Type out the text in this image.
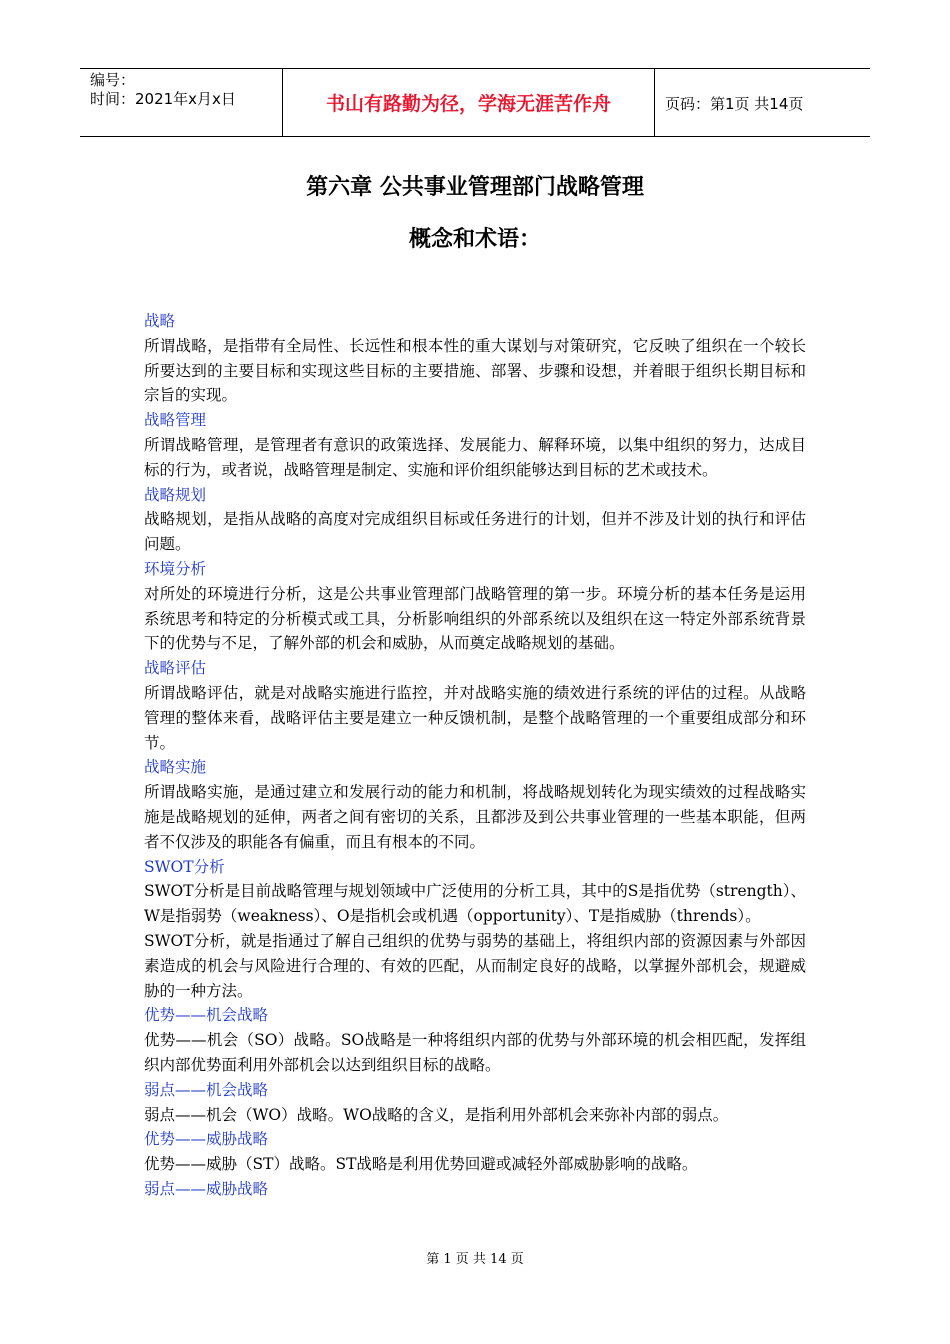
编号：
时间：2021年x月x日	书山有路勤为径，学海无涯苦作舟	页码：第1页 共14页
第六章 公共事业管理部门战略管理
概念和术语：
战略
所谓战略，是指带有全局性、长远性和根本性的重大谋划与对策研究，它反映了组织在一个较长所要达到的主要目标和实现这些目标的主要措施、部署、步骤和设想，并着眼于组织长期目标和宗旨的实现。
战略管理
所谓战略管理，是管理者有意识的政策选择、发展能力、解释环境，以集中组织的努力，达成目标的行为，或者说，战略管理是制定、实施和评价组织能够达到目标的艺术或技术。
战略规划
战略规划，是指从战略的高度对完成组织目标或任务进行的计划，但并不涉及计划的执行和评估问题。
环境分析
对所处的环境进行分析，这是公共事业管理部门战略管理的第一步。环境分析的基本任务是运用系统思考和特定的分析模式或工具，分析影响组织的外部系统以及组织在这一特定外部系统背景下的优势与不足，了解外部的机会和威胁，从而奠定战略规划的基础。
战略评估
所谓战略评估，就是对战略实施进行监控，并对战略实施的绩效进行系统的评估的过程。从战略管理的整体来看，战略评估主要是建立一种反馈机制，是整个战略管理的一个重要组成部分和环节。
战略实施
所谓战略实施，是通过建立和发展行动的能力和机制，将战略规划转化为现实绩效的过程战略实施是战略规划的延伸，两者之间有密切的关系，且都涉及到公共事业管理的一些基本职能，但两者不仅涉及的职能各有偏重，而且有根本的不同。
SWOT分析
SWOT分析是目前战略管理与规划领域中广泛使用的分析工具，其中的S是指优势（strength）、W是指弱势（weakness）、O是指机会或机遇（opportunity）、T是指威胁（thrends）。
SWOT分析，就是指通过了解自己组织的优势与弱势的基础上，将组织内部的资源因素与外部因素造成的机会与风险进行合理的、有效的匹配，从而制定良好的战略，以掌握外部机会，规避威胁的一种方法。
优势——机会战略
优势——机会（SO）战略。SO战略是一种将组织内部的优势与外部环境的机会相匹配，发挥组织内部优势面利用外部机会以达到组织目标的战略。
弱点——机会战略
弱点——机会（WO）战略。WO战略的含义，是指利用外部机会来弥补内部的弱点。
优势——威胁战略
优势——威胁（ST）战略。ST战略是利用优势回避或减轻外部威胁影响的战略。
弱点——威胁战略
第 1 页 共 14 页
